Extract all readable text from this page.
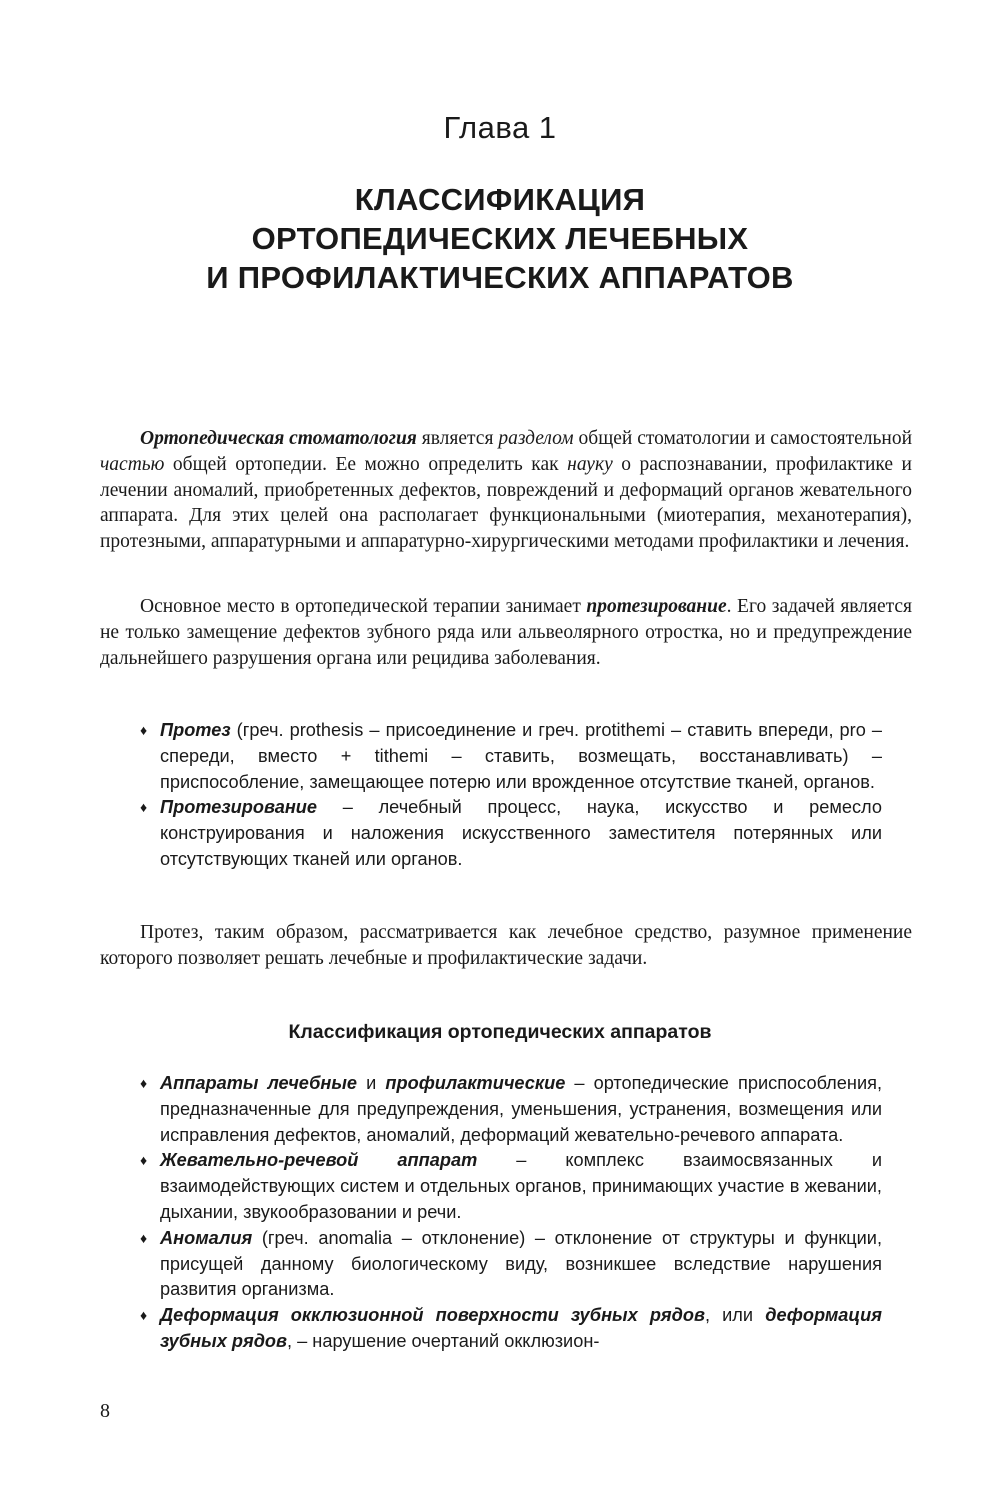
Глава 1
КЛАССИФИКАЦИЯ
ОРТОПЕДИЧЕСКИХ ЛЕЧЕБНЫХ
И ПРОФИЛАКТИЧЕСКИХ АППАРАТОВ

Ортопедическая стоматология является разделом общей стоматологии и самостоятельной частью общей ортопедии. Ее можно определить как науку о распознавании, профилактике и лечении аномалий, приобретенных дефектов, повреждений и деформаций органов жевательного аппарата. Для этих целей она располагает функциональными (миотерапия, механотерапия), протезными, аппаратурными и аппаратурно-хирургическими методами профилактики и лечения.

Основное место в ортопедической терапии занимает протезирование. Его задачей является не только замещение дефектов зубного ряда или альвеолярного отростка, но и предупреждение дальнейшего разрушения органа или рецидива заболевания.

♦ Протез (греч. prothesis – присоединение и греч. protithemi – ставить впереди, pro – спереди, вместо + tithemi – ставить, возмещать, восстанавливать) – приспособление, замещающее потерю или врожденное отсутствие тканей, органов.
♦ Протезирование – лечебный процесс, наука, искусство и ремесло конструирования и наложения искусственного заместителя потерянных или отсутствующих тканей или органов.

Протез, таким образом, рассматривается как лечебное средство, разумное применение которого позволяет решать лечебные и профилактические задачи.

Классификация ортопедических аппаратов
♦ Аппараты лечебные и профилактические – ортопедические приспособления, предназначенные для предупреждения, уменьшения, устранения, возмещения или исправления дефектов, аномалий, деформаций жевательно-речевого аппарата.
♦ Жевательно-речевой аппарат – комплекс взаимосвязанных и взаимодействующих систем и отдельных органов, принимающих участие в жевании, дыхании, звукообразовании и речи.
♦ Аномалия (греч. anomalia – отклонение) – отклонение от структуры и функции, присущей данному биологическому виду, возникшее вследствие нарушения развития организма.
♦ Деформация окклюзионной поверхности зубных рядов, или деформация зубных рядов, – нарушение очертаний окклюзион-
8
